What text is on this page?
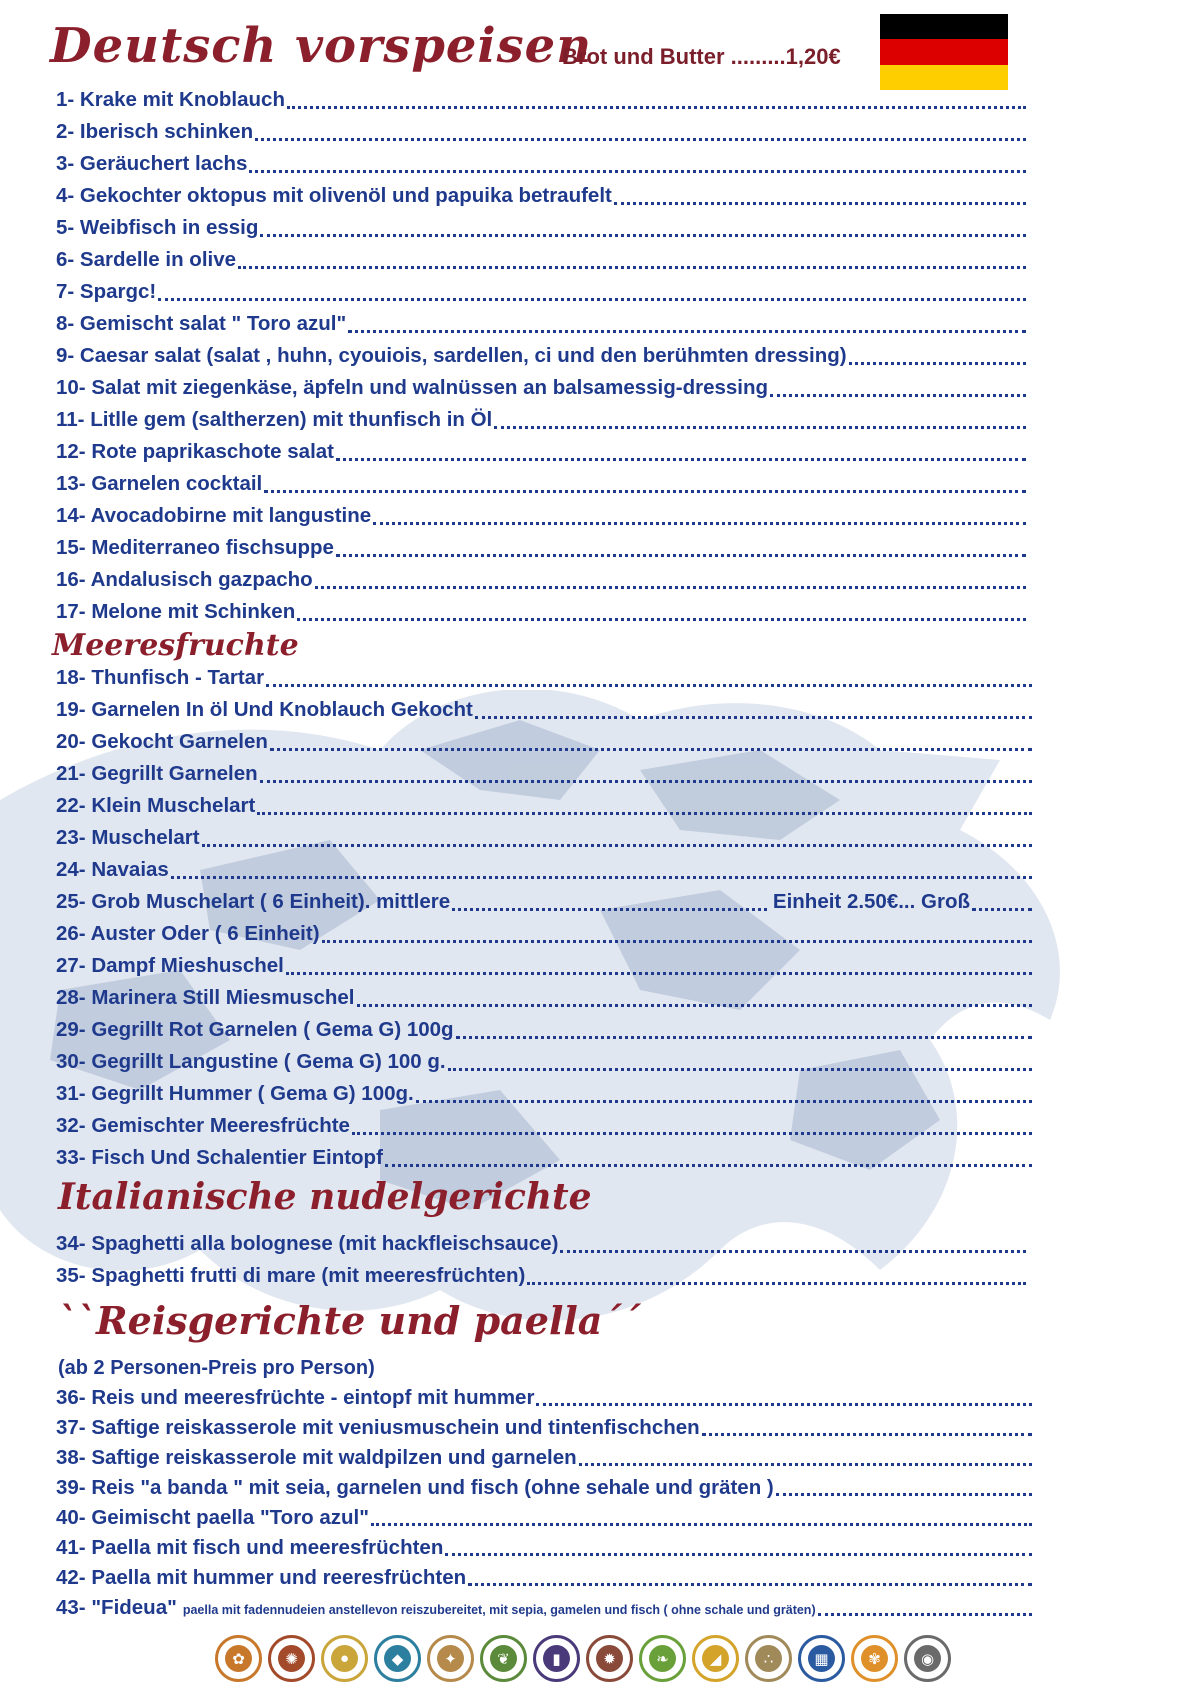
Deutsch vorspeisen
Brot und Butter .........1,20€
1- Krake mit Knoblauch
2- Iberisch schinken
3- Geräuchert lachs
4- Gekochter oktopus mit olivenöl und papuika betraufelt
5- Weibfisch in essig
6- Sardelle in olive
7- Spargc!
8- Gemischt salat " Toro azul"
9- Caesar salat (salat , huhn, cyouiois, sardellen, ci und den berühmten dressing)
10- Salat mit ziegenkäse, äpfeln und walnüssen an balsamessig-dressing
11- Litlle gem (saltherzen) mit thunfisch in Öl
12- Rote paprikaschote salat
13- Garnelen cocktail
14- Avocadobirne mit langustine
15- Mediterraneo fischsuppe
16- Andalusisch gazpacho
17- Melone mit Schinken
Meeresfruchte
18- Thunfisch - Tartar
19- Garnelen In öl Und Knoblauch Gekocht
20- Gekocht Garnelen
21- Gegrillt Garnelen
22- Klein Muschelart
23- Muschelart
24- Navaias
25- Grob Muschelart ( 6 Einheit). mittlere	Einheit 2.50€... Groß
26- Auster Oder ( 6 Einheit)
27- Dampf Mieshuschel
28- Marinera Still Miesmuschel
29- Gegrillt Rot Garnelen ( Gema G) 100g
30- Gegrillt Langustine ( Gema G) 100 g.
31- Gegrillt Hummer ( Gema G) 100g.
32- Gemischter Meeresfrüchte
33- Fisch Und Schalentier Eintopf
Italianische nudelgerichte
34- Spaghetti alla bolognese (mit hackfleischsauce)
35- Spaghetti frutti di mare (mit meeresfrüchten)
``Reisgerichte und paella´´
(ab 2 Personen-Preis pro Person)
36- Reis und meeresfrüchte - eintopf mit hummer
37- Saftige reiskasserole mit veniusmuschein und tintenfischchen
38- Saftige reiskasserole mit waldpilzen und garnelen
39- Reis "a banda " mit seia, garnelen und fisch (ohne sehale und gräten )
40- Geimischt paella "Toro azul"
41- Paella mit fisch und meeresfrüchten
42- Paella mit hummer und reeresfrüchten
43- "Fideua" paella mit fadennudeien anstellevon reiszubereitet, mit sepia, gamelen und fisch ( ohne schale und gräten)
✿	✺	●	◆	✦	❦	▮	✹	❧	◢	∴	▦	✾	◉
